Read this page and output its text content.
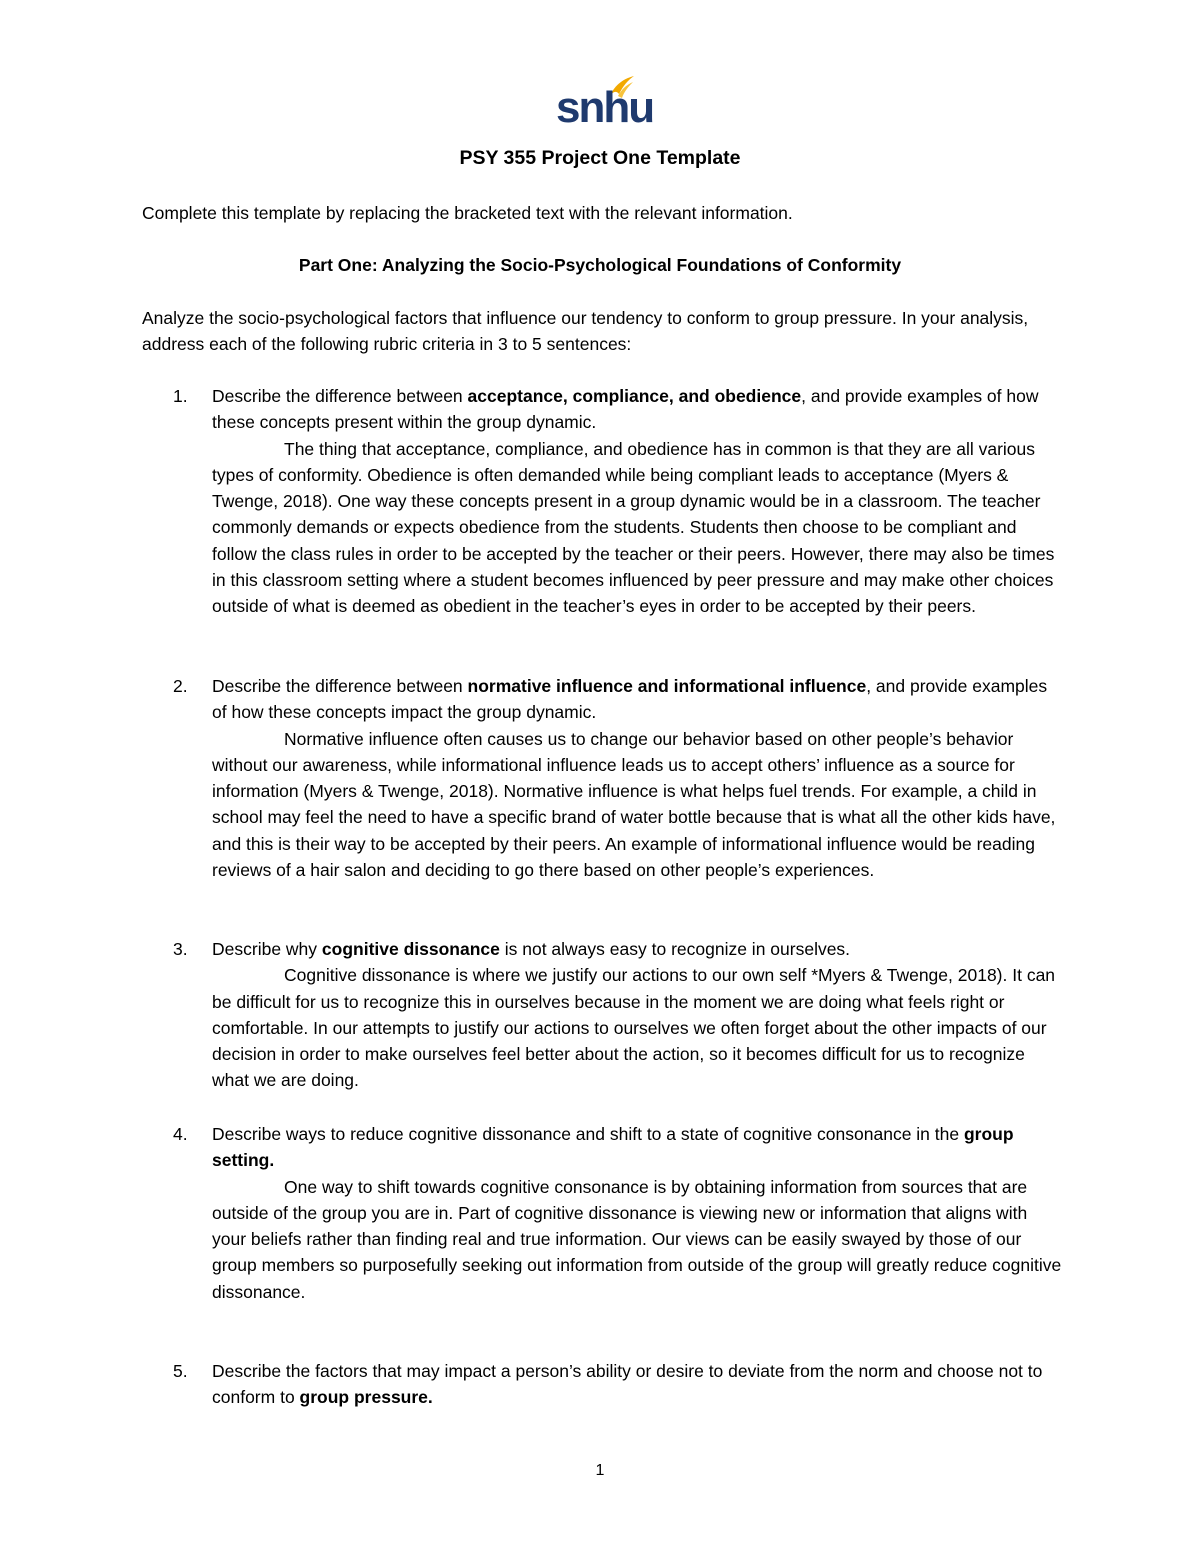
snhu
PSY 355 Project One Template
Complete this template by replacing the bracketed text with the relevant information.
Part One: Analyzing the Socio-Psychological Foundations of Conformity
Analyze the socio-psychological factors that influence our tendency to conform to group pressure. In your analysis, address each of the following rubric criteria in 3 to 5 sentences:
1.	Describe the difference between acceptance, compliance, and obedience, and provide examples of how these concepts present within the group dynamic.

The thing that acceptance, compliance, and obedience has in common is that they are all various types of conformity. Obedience is often demanded while being compliant leads to acceptance (Myers & Twenge, 2018). One way these concepts present in a group dynamic would be in a classroom. The teacher commonly demands or expects obedience from the students. Students then choose to be compliant and follow the class rules in order to be accepted by the teacher or their peers. However, there may also be times in this classroom setting where a student becomes influenced by peer pressure and may make other choices outside of what is deemed as obedient in the teacher’s eyes in order to be accepted by their peers.

2.	Describe the difference between normative influence and informational influence, and provide examples of how these concepts impact the group dynamic.

Normative influence often causes us to change our behavior based on other people’s behavior without our awareness, while informational influence leads us to accept others’ influence as a source for information (Myers & Twenge, 2018). Normative influence is what helps fuel trends. For example, a child in school may feel the need to have a specific brand of water bottle because that is what all the other kids have, and this is their way to be accepted by their peers. An example of informational influence would be reading reviews of a hair salon and deciding to go there based on other people’s experiences.

3.	Describe why cognitive dissonance is not always easy to recognize in ourselves.

Cognitive dissonance is where we justify our actions to our own self *Myers & Twenge, 2018). It can be difficult for us to recognize this in ourselves because in the moment we are doing what feels right or comfortable. In our attempts to justify our actions to ourselves we often forget about the other impacts of our decision in order to make ourselves feel better about the action, so it becomes difficult for us to recognize what we are doing.

4.	Describe ways to reduce cognitive dissonance and shift to a state of cognitive consonance in the group setting.

One way to shift towards cognitive consonance is by obtaining information from sources that are outside of the group you are in. Part of cognitive dissonance is viewing new or information that aligns with your beliefs rather than finding real and true information. Our views can be easily swayed by those of our group members so purposefully seeking out information from outside of the group will greatly reduce cognitive dissonance.

5.	Describe the factors that may impact a person’s ability or desire to deviate from the norm and choose not to conform to group pressure.

1
